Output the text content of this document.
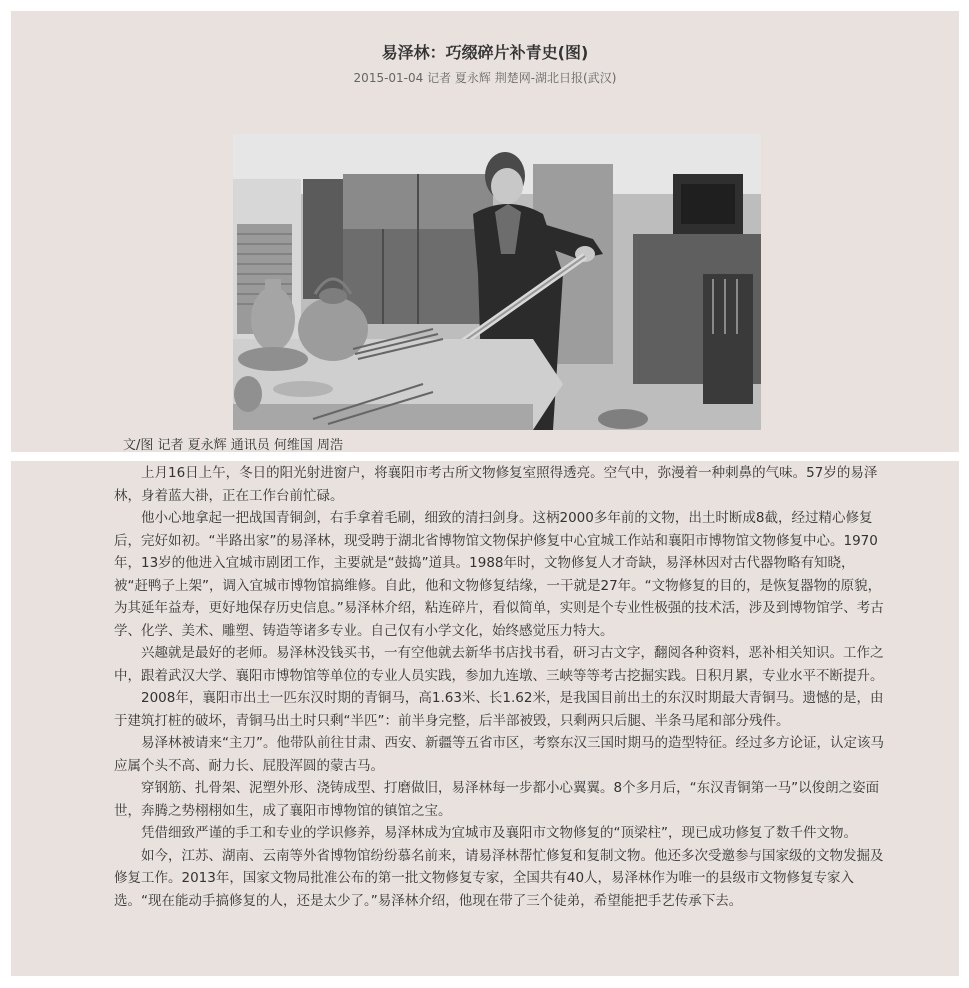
易泽林：巧缀碎片补青史(图)
2015-01-04 记者 夏永辉 荆楚网-湖北日报(武汉)
文/图 记者 夏永辉 通讯员 何维国 周浩

上月16日上午，冬日的阳光射进窗户，将襄阳市考古所文物修复室照得透亮。空气中，弥漫着一种刺鼻的气味。57岁的易泽林，身着蓝大褂，正在工作台前忙碌。

他小心地拿起一把战国青铜剑，右手拿着毛刷，细致的清扫剑身。这柄2000多年前的文物，出土时断成8截，经过精心修复后，完好如初。“半路出家”的易泽林，现受聘于湖北省博物馆文物保护修复中心宜城工作站和襄阳市博物馆文物修复中心。1970年，13岁的他进入宜城市剧团工作，主要就是“鼓捣”道具。1988年时，文物修复人才奇缺，易泽林因对古代器物略有知晓，被“赶鸭子上架”，调入宜城市博物馆搞维修。自此，他和文物修复结缘，一干就是27年。“文物修复的目的，是恢复器物的原貌，为其延年益寿，更好地保存历史信息。”易泽林介绍，粘连碎片，看似简单，实则是个专业性极强的技术活，涉及到博物馆学、考古学、化学、美术、雕塑、铸造等诸多专业。自己仅有小学文化，始终感觉压力特大。

兴趣就是最好的老师。易泽林没钱买书，一有空他就去新华书店找书看，研习古文字，翻阅各种资料，恶补相关知识。工作之中，跟着武汉大学、襄阳市博物馆等单位的专业人员实践，参加九连墩、三峡等等考古挖掘实践。日积月累，专业水平不断提升。

2008年，襄阳市出土一匹东汉时期的青铜马，高1.63米、长1.62米，是我国目前出土的东汉时期最大青铜马。遗憾的是，由于建筑打桩的破坏，青铜马出土时只剩“半匹”：前半身完整，后半部被毁，只剩两只后腿、半条马尾和部分残件。

易泽林被请来“主刀”。他带队前往甘肃、西安、新疆等五省市区，考察东汉三国时期马的造型特征。经过多方论证，认定该马应属个头不高、耐力长、屁股浑圆的蒙古马。

穿钢筋、扎骨架、泥塑外形、浇铸成型、打磨做旧，易泽林每一步都小心翼翼。8个多月后，“东汉青铜第一马”以俊朗之姿面世，奔腾之势栩栩如生，成了襄阳市博物馆的镇馆之宝。

凭借细致严谨的手工和专业的学识修养，易泽林成为宜城市及襄阳市文物修复的“顶梁柱”，现已成功修复了数千件文物。

如今，江苏、湖南、云南等外省博物馆纷纷慕名前来，请易泽林帮忙修复和复制文物。他还多次受邀参与国家级的文物发掘及修复工作。2013年，国家文物局批准公布的第一批文物修复专家，全国共有40人，易泽林作为唯一的县级市文物修复专家入选。“现在能动手搞修复的人，还是太少了。”易泽林介绍，他现在带了三个徒弟，希望能把手艺传承下去。
